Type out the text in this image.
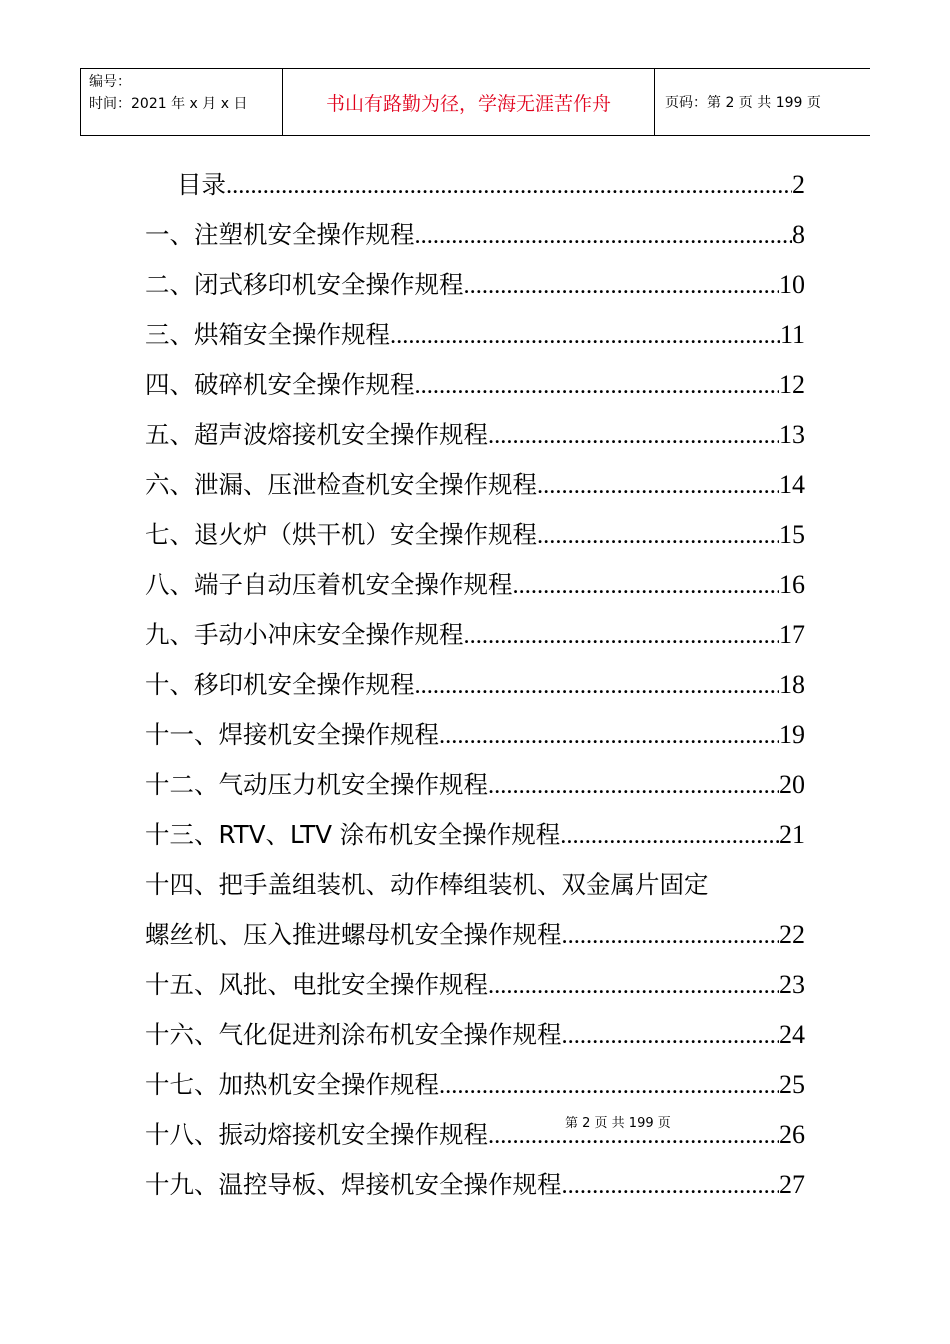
编号：
时间：2021 年 x 月 x 日	书山有路勤为径，学海无涯苦作舟	页码：第 2 页 共 199 页
目录 .....	2
一、注塑机安全操作规程 .....	8
二、闭式移印机安全操作规程 .....	10
三、烘箱安全操作规程 .....	11
四、破碎机安全操作规程 .....	12
五、超声波熔接机安全操作规程 .....	13
六、泄漏、压泄检查机安全操作规程 .....	14
七、退火炉（烘干机）安全操作规程 .....	15
八、端子自动压着机安全操作规程 .....	16
九、手动小冲床安全操作规程 .....	17
十、移印机安全操作规程 .....	18
十一、焊接机安全操作规程 .....	19
十二、气动压力机安全操作规程 .....	20
十三、RTV、LTV 涂布机安全操作规程 .....	21
十四、把手盖组装机、动作棒组装机、双金属片固定
螺丝机、压入推进螺母机安全操作规程 .....	22
十五、风批、电批安全操作规程 .....	23
十六、气化促进剂涂布机安全操作规程 .....	24
十七、加热机安全操作规程 .....	25
十八、振动熔接机安全操作规程 .....	26
十九、温控导板、焊接机安全操作规程 .....	27
第 2 页 共 199 页
